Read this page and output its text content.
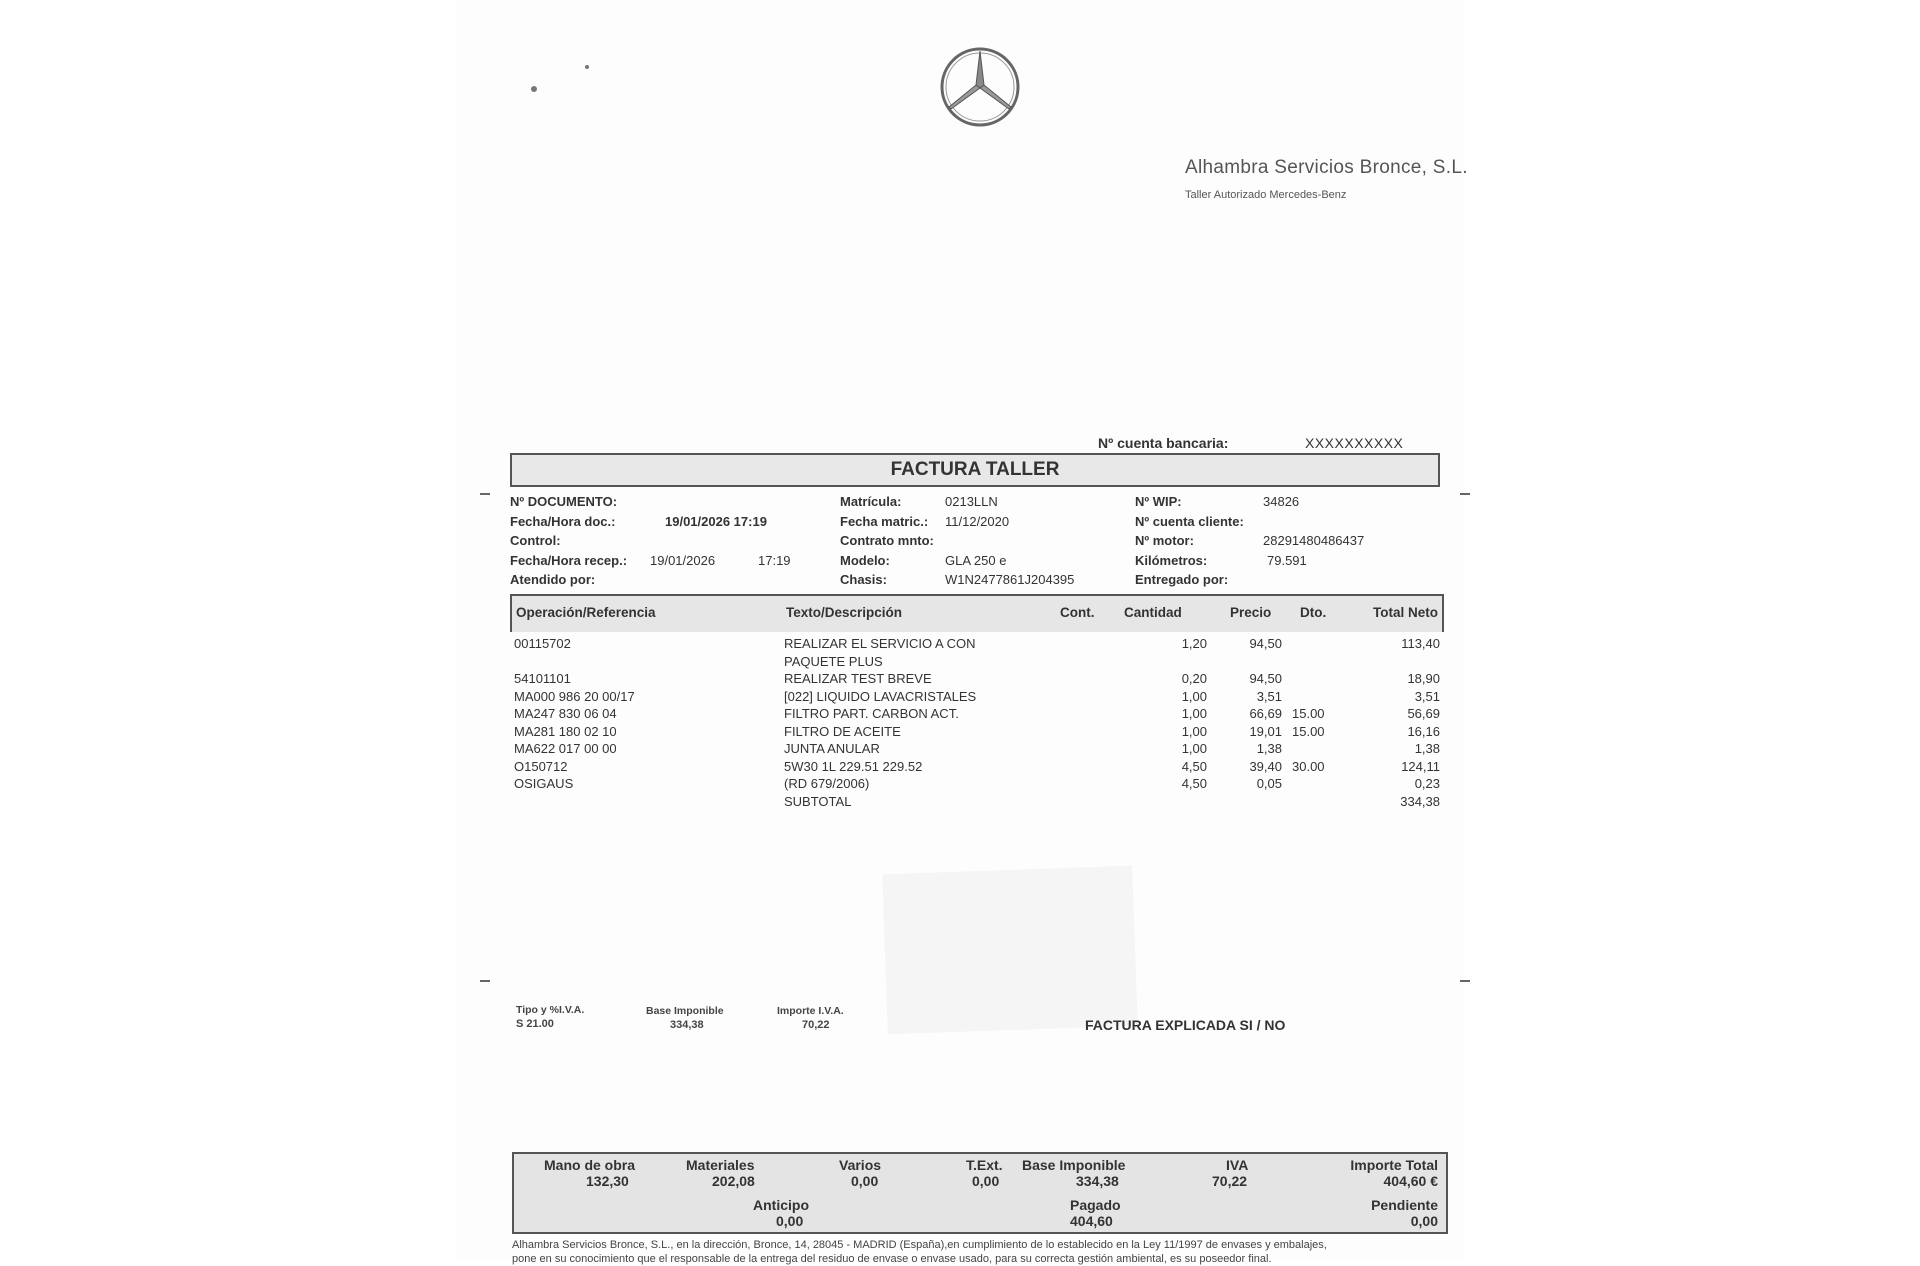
Alhambra Servicios Bronce, S.L.
Taller Autorizado Mercedes-Benz
Nº cuenta bancaria:	XXXXXXXXXX
FACTURA TALLER
Nº DOCUMENTO:
Fecha/Hora doc.:	19/01/2026 17:19
Control:
Fecha/Hora recep.: 19/01/2026	17:19
Atendido por:
Matrícula:	0213LLN
Fecha matric.: 11/12/2020
Contrato mnto:
Modelo:	GLA 250 e
Chasis:	W1N2477861J204395
Nº WIP:	34826
Nº cuenta cliente:
Nº motor:	28291480486437
Kilómetros:	79.591
Entregado por:
Operación/Referencia	Texto/Descripción	Cont. Cantidad	Precio Dto.	Total Neto
00115702	REALIZAR EL SERVICIO A CON	1,20	94,50	113,40
PAQUETE PLUS
54101101	REALIZAR TEST BREVE	0,20	94,50	18,90
MA000 986 20 00/17	[022] LIQUIDO LAVACRISTALES	1,00	3,51	3,51
MA247 830 06 04	FILTRO PART. CARBON ACT.	1,00	66,69 15.00	56,69
MA281 180 02 10	FILTRO DE ACEITE	1,00	19,01 15.00	16,16
MA622 017 00 00	JUNTA ANULAR	1,00	1,38	1,38
O150712	5W30 1L 229.51 229.52	4,50	39,40 30.00	124,11
OSIGAUS	(RD 679/2006)	4,50	0,05	0,23
SUBTOTAL	334,38
Tipo y %I.V.A.
S 21.00
Base Imponible
334,38
Importe I.V.A.
70,22	FACTURA EXPLICADA SI / NO
Mano de obra
132,30
Materiales
202,08
Varios
0,00
T.Ext.
0,00
Base Imponible
334,38
IVA
70,22
Importe Total
404,60 €
Anticipo
0,00
Pagado
404,60
Pendiente
0,00
Alhambra Servicios Bronce, S.L., en la dirección, Bronce, 14, 28045 - MADRID (España),en cumplimiento de lo establecido en la Ley 11/1997 de envases y embalajes,
pone en su conocimiento que el responsable de la entrega del residuo de envase o envase usado, para su correcta gestión ambiental, es su poseedor final.
